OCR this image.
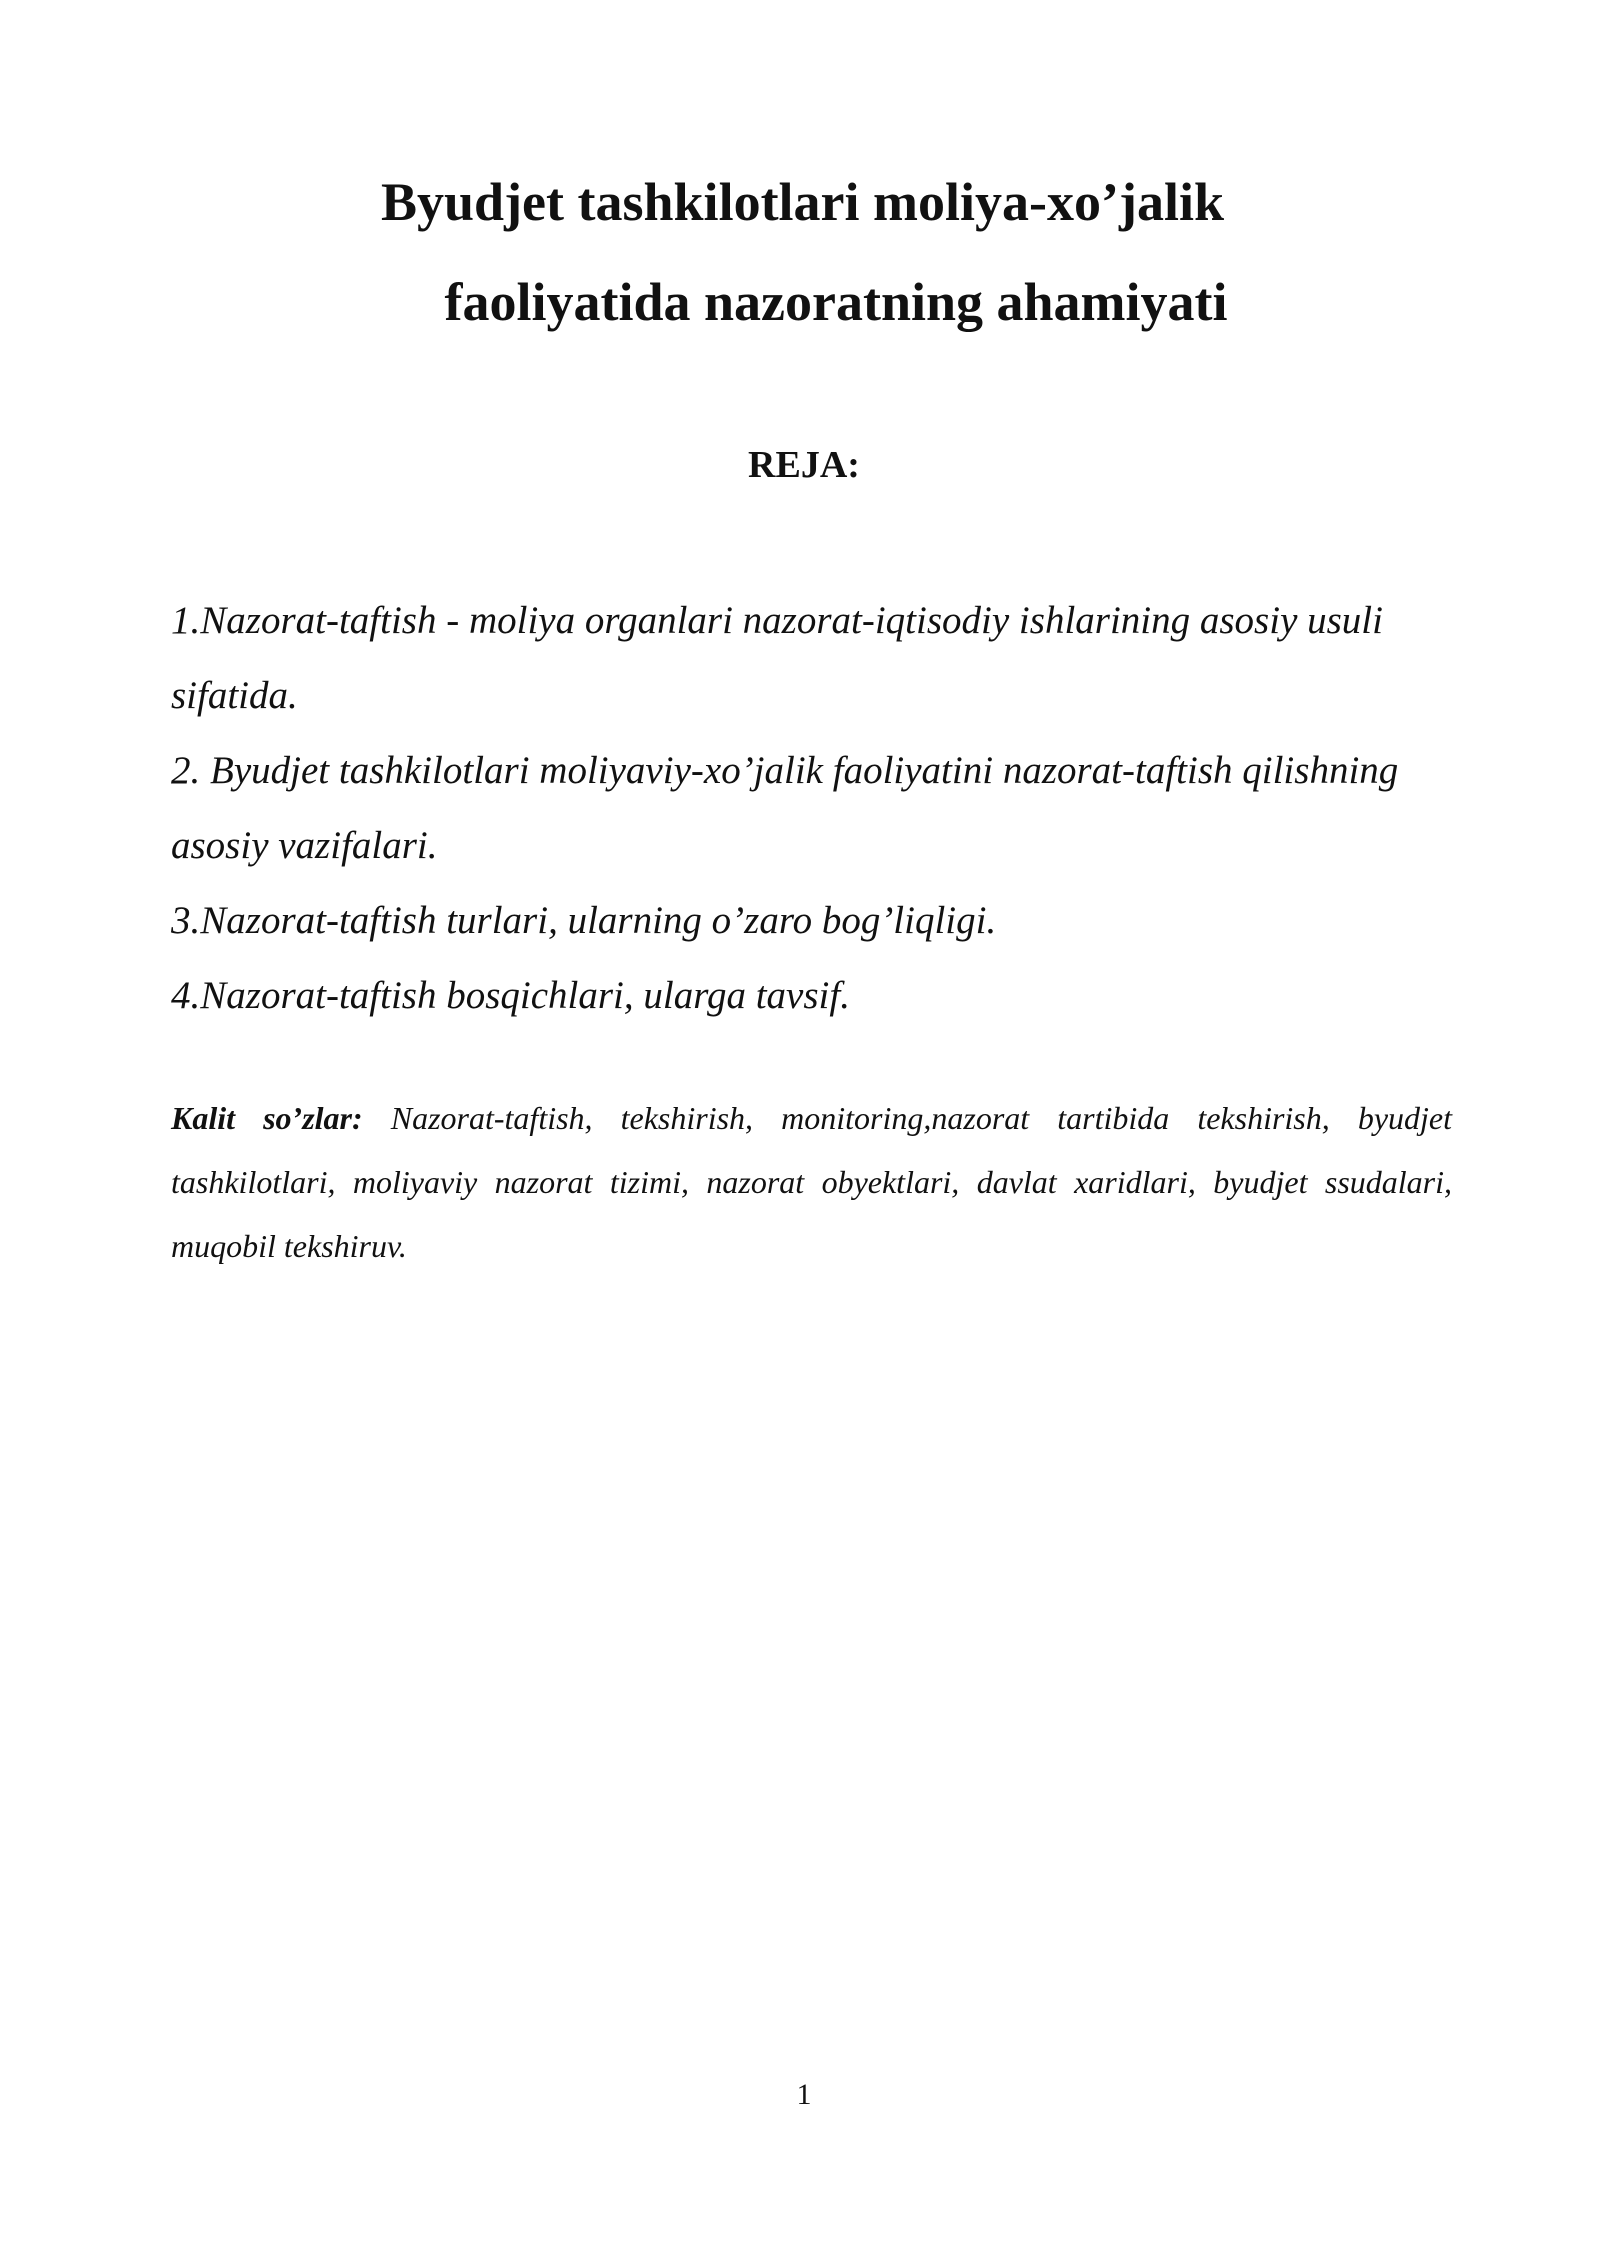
Byudjet tashkilotlari moliya-xo’jalik
faoliyatida nazoratning ahamiyati
REJA:
1.Nazorat-taftish - moliya organlari nazorat-iqtisodiy ishlarining asosiy usuli sifatida.
2. Byudjet tashkilotlari moliyaviy-xo’jalik faoliyatini nazorat-taftish qilishning asosiy vazifalari.
3.Nazorat-taftish turlari, ularning o’zaro bog’liqligi.
4.Nazorat-taftish bosqichlari, ularga tavsif.

Kalit so’zlar: Nazorat-taftish, tekshirish, monitoring,nazorat tartibida tekshirish, byudjet tashkilotlari, moliyaviy nazorat tizimi, nazorat obyektlari, davlat xaridlari, byudjet ssudalari, muqobil tekshiruv.

1
